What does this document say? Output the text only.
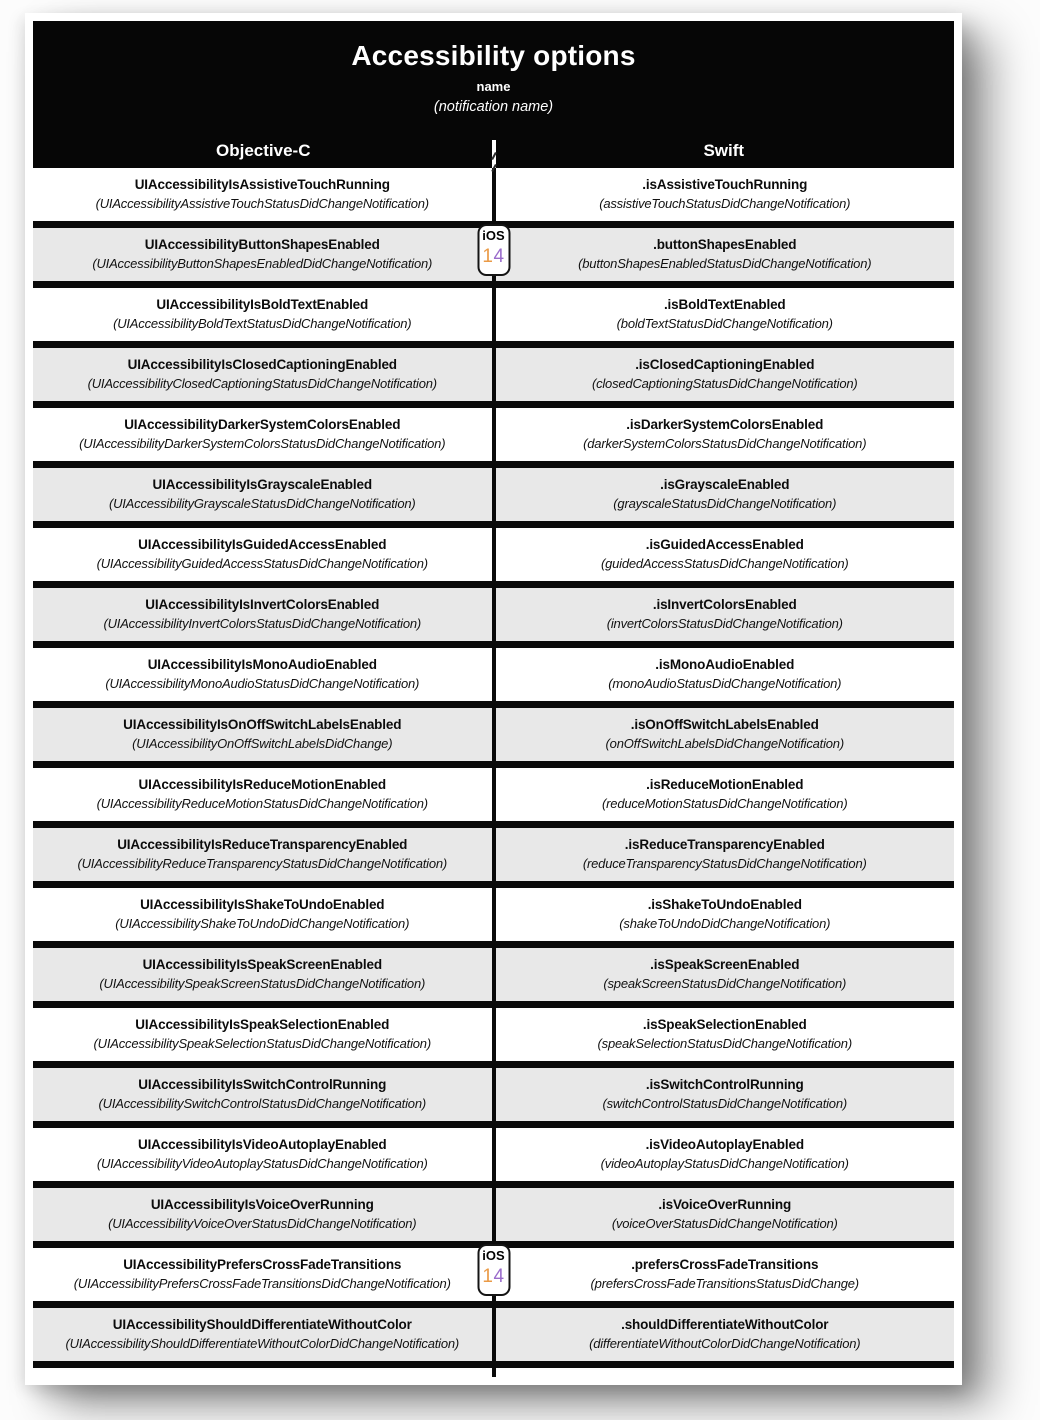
Accessibility options
name
(notification name)
Objective-C	Swift
UIAccessibilityIsAssistiveTouchRunning
(UIAccessibilityAssistiveTouchStatusDidChangeNotification)
.isAssistiveTouchRunning
(assistiveTouchStatusDidChangeNotification)
UIAccessibilityButtonShapesEnabled
(UIAccessibilityButtonShapesEnabledDidChangeNotification)
.buttonShapesEnabled
(buttonShapesEnabledStatusDidChangeNotification)
iOS
14
UIAccessibilityIsBoldTextEnabled
(UIAccessibilityBoldTextStatusDidChangeNotification)
.isBoldTextEnabled
(boldTextStatusDidChangeNotification)
UIAccessibilityIsClosedCaptioningEnabled
(UIAccessibilityClosedCaptioningStatusDidChangeNotification)
.isClosedCaptioningEnabled
(closedCaptioningStatusDidChangeNotification)
UIAccessibilityDarkerSystemColorsEnabled
(UIAccessibilityDarkerSystemColorsStatusDidChangeNotification)
.isDarkerSystemColorsEnabled
(darkerSystemColorsStatusDidChangeNotification)
UIAccessibilityIsGrayscaleEnabled
(UIAccessibilityGrayscaleStatusDidChangeNotification)
.isGrayscaleEnabled
(grayscaleStatusDidChangeNotification)
UIAccessibilityIsGuidedAccessEnabled
(UIAccessibilityGuidedAccessStatusDidChangeNotification)
.isGuidedAccessEnabled
(guidedAccessStatusDidChangeNotification)
UIAccessibilityIsInvertColorsEnabled
(UIAccessibilityInvertColorsStatusDidChangeNotification)
.isInvertColorsEnabled
(invertColorsStatusDidChangeNotification)
UIAccessibilityIsMonoAudioEnabled
(UIAccessibilityMonoAudioStatusDidChangeNotification)
.isMonoAudioEnabled
(monoAudioStatusDidChangeNotification)
UIAccessibilityIsOnOffSwitchLabelsEnabled
(UIAccessibilityOnOffSwitchLabelsDidChange)
.isOnOffSwitchLabelsEnabled
(onOffSwitchLabelsDidChangeNotification)
UIAccessibilityIsReduceMotionEnabled
(UIAccessibilityReduceMotionStatusDidChangeNotification)
.isReduceMotionEnabled
(reduceMotionStatusDidChangeNotification)
UIAccessibilityIsReduceTransparencyEnabled
(UIAccessibilityReduceTransparencyStatusDidChangeNotification)
.isReduceTransparencyEnabled
(reduceTransparencyStatusDidChangeNotification)
UIAccessibilityIsShakeToUndoEnabled
(UIAccessibilityShakeToUndoDidChangeNotification)
.isShakeToUndoEnabled
(shakeToUndoDidChangeNotification)
UIAccessibilityIsSpeakScreenEnabled
(UIAccessibilitySpeakScreenStatusDidChangeNotification)
.isSpeakScreenEnabled
(speakScreenStatusDidChangeNotification)
UIAccessibilityIsSpeakSelectionEnabled
(UIAccessibilitySpeakSelectionStatusDidChangeNotification)
.isSpeakSelectionEnabled
(speakSelectionStatusDidChangeNotification)
UIAccessibilityIsSwitchControlRunning
(UIAccessibilitySwitchControlStatusDidChangeNotification)
.isSwitchControlRunning
(switchControlStatusDidChangeNotification)
UIAccessibilityIsVideoAutoplayEnabled
(UIAccessibilityVideoAutoplayStatusDidChangeNotification)
.isVideoAutoplayEnabled
(videoAutoplayStatusDidChangeNotification)
UIAccessibilityIsVoiceOverRunning
(UIAccessibilityVoiceOverStatusDidChangeNotification)
.isVoiceOverRunning
(voiceOverStatusDidChangeNotification)
UIAccessibilityPrefersCrossFadeTransitions
(UIAccessibilityPrefersCrossFadeTransitionsDidChangeNotification)
.prefersCrossFadeTransitions
(prefersCrossFadeTransitionsStatusDidChange)
iOS
14
UIAccessibilityShouldDifferentiateWithoutColor
(UIAccessibilityShouldDifferentiateWithoutColorDidChangeNotification)
.shouldDifferentiateWithoutColor
(differentiateWithoutColorDidChangeNotification)
